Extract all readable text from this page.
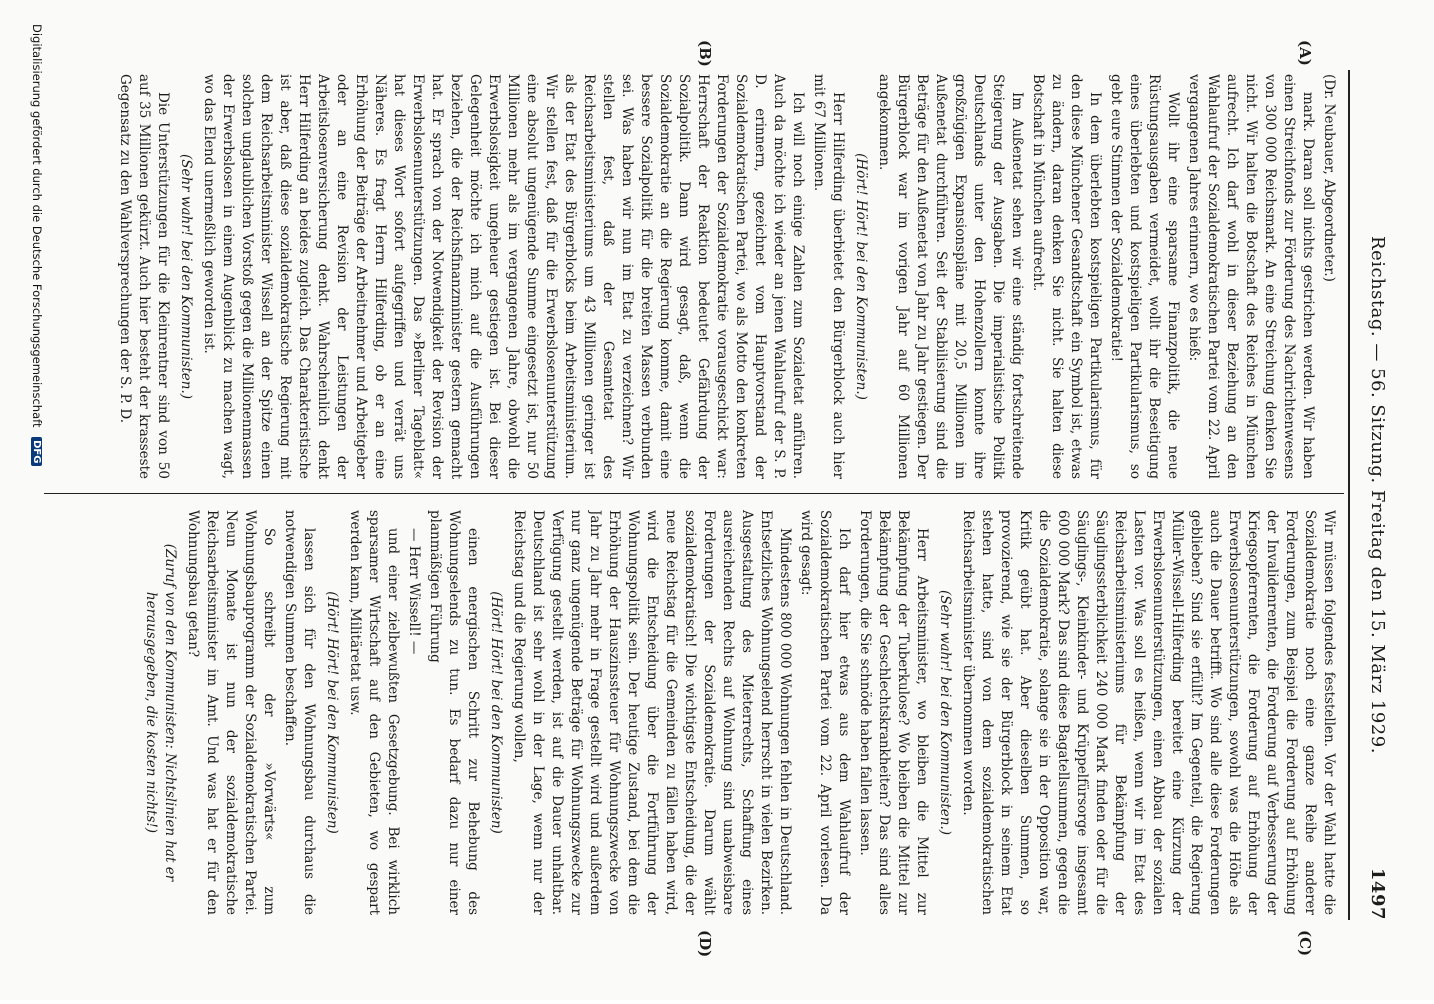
Reichstag. — 56. Sitzung. Freitag den 15. März 1929.
1497
(A)
(B)
(C)
(D)

(Dr. Neubauer, Abgeordneter.)

mark. Daran soll nichts gestrichen werden. Wir haben einen Streichfonds zur Förderung des Nachrichtenwesens von 300 000 Reichsmark. An eine Streichung denken Sie nicht. Wir halten die Botschaft des Reiches in München aufrecht. Ich darf wohl in dieser Beziehung an den Wahlaufruf der Sozialdemokratischen Partei vom 22. April vergangenen Jahres erinnern, wo es hieß:

Wollt ihr eine sparsame Finanzpolitik, die neue Rüstungsausgaben vermeidet, wollt ihr die Beseitigung eines überlebten und kostspieligen Partikularismus, so gebt eure Stimmen der Sozialdemokratie!

In dem überlebten kostspieligen Partikularismus, für den diese Münchener Gesandtschaft ein Symbol ist, etwas zu ändern, daran denken Sie nicht. Sie halten diese Botschaft in München aufrecht.

Im Außenetat sehen wir eine ständig fortschreitende Steigerung der Ausgaben. Die imperialistische Politik Deutschlands unter den Hohenzollern konnte ihre großzügigen Expansionspläne mit 20,5 Millionen im Außenetat durchführen. Seit der Stabilisierung sind die Beträge für den Außenetat von Jahr zu Jahr gestiegen. Der Bürgerblock war im vorigen Jahr auf 60 Millionen angekommen.

(Hört! Hört! bei den Kommunisten.)

Herr Hilferding überbietet den Bürgerblock auch hier mit 67 Millionen.

Ich will noch einige Zahlen zum Sozialetat anführen. Auch da möchte ich wieder an jenen Wahlaufruf der S. P. D. erinnern, gezeichnet vom Hauptvorstand der Sozialdemokratischen Partei, wo als Motto den konkreten Forderungen der Sozialdemokratie vorausgeschickt war: Herrschaft der Reaktion bedeutet Gefährdung der Sozialpolitik. Dann wird gesagt, daß, wenn die Sozialdemokratie an die Regierung komme, damit eine bessere Sozialpolitik für die breiten Massen verbunden sei. Was haben wir nun im Etat zu verzeichnen? Wir stellen fest, daß der Gesamtetat des Reichsarbeitsministeriums um 43 Millionen geringer ist als der Etat des Bürgerblocks beim Arbeitsministerium. Wir stellen fest, daß für die Erwerbslosenunterstützung eine absolut ungenügende Summe eingesetzt ist, nur 50 Millionen mehr als im vergangenen Jahre, obwohl die Erwerbslosigkeit ungeheuer gestiegen ist. Bei dieser Gelegenheit möchte ich mich auf die Ausführungen beziehen, die der Reichsfinanzminister gestern gemacht hat. Er sprach von der Notwendigkeit der Revision der Erwerbslosenunterstützungen. Das »Berliner Tageblatt« hat dieses Wort sofort aufgegriffen und verrät uns Näheres. Es fragt Herrn Hilferding, ob er an eine Erhöhung der Beiträge der Arbeitnehmer und Arbeitgeber oder an eine Revision der Leistungen der Arbeitslosenversicherung denkt. Wahrscheinlich denkt Herr Hilferding an beides zugleich. Das Charakteristische ist aber, daß diese sozialdemokratische Regierung mit dem Reichsarbeitsminister Wissell an der Spitze einen solchen unglaublichen Vorstoß gegen die Millionenmassen der Erwerbslosen in einem Augenblick zu machen wagt, wo das Elend unermeßlich geworden ist.

(Sehr wahr! bei den Kommunisten.)

Die Unterstützungen für die Kleinrentner sind von 50 auf 35 Millionen gekürzt. Auch hier besteht der krasseste Gegensatz zu den Wahlversprechungen der S. P. D.

Wir müssen folgendes feststellen. Vor der Wahl hatte die Sozialdemokratie noch eine ganze Reihe anderer Forderungen, zum Beispiel die Forderung auf Erhöhung der Invalidenrenten, die Forderung auf Verbesserung der Kriegsopferrenten, die Forderung auf Erhöhung der Erwerbslosenunterstützungen, sowohl was die Höhe als auch die Dauer betrifft. Wo sind alle diese Forderungen geblieben? Sind sie erfüllt? Im Gegenteil, die Regierung Müller-Wissell-Hilferding bereitet eine Kürzung der Erwerbslosenunterstützungen, einen Abbau der sozialen Lasten vor. Was soll es heißen, wenn wir im Etat des Reichsarbeitsministeriums für Bekämpfung der Säuglingssterblichkeit 240 000 Mark finden oder für die Säuglings-, Kleinkinder- und Krüppelfürsorge insgesamt 600 000 Mark? Das sind diese Bagatellsummen, gegen die die Sozialdemokratie, solange sie in der Opposition war, Kritik geübt hat. Aber dieselben Summen, so provozierend, wie sie der Bürgerblock in seinem Etat stehen hatte, sind von dem sozialdemokratischen Reichsarbeitsminister übernommen worden.

(Sehr wahr! bei den Kommunisten.)

Herr Arbeitsminister, wo bleiben die Mittel zur Bekämpfung der Tuberkulose? Wo bleiben die Mittel zur Bekämpfung der Geschlechtskrankheiten? Das sind alles Forderungen, die Sie schnöde haben fallen lassen.

Ich darf hier etwas aus dem Wahlaufruf der Sozialdemokratischen Partei vom 22. April vorlesen. Da wird gesagt:

Mindestens 800 000 Wohnungen fehlen in Deutschland. Entsetzliches Wohnungselend herrscht in vielen Bezirken. Ausgestaltung des Mieterrechts, Schaffung eines ausreichenden Rechts auf Wohnung sind unabweisbare Forderungen der Sozialdemokratie. Darum wählt sozialdemokratisch! Die wichtigste Entscheidung, die der neue Reichstag für die Gemeinden zu fällen haben wird, wird die Entscheidung über die Fortführung der Wohnungspolitik sein. Der heutige Zustand, bei dem die Erhöhung der Hauszinssteuer für Wohnungszwecke von Jahr zu Jahr mehr in Frage gestellt wird und außerdem nur ganz ungenügende Beträge für Wohnungszwecke zur Verfügung gestellt werden, ist auf die Dauer unhaltbar. Deutschland ist sehr wohl in der Lage, wenn nur der Reichstag und die Regierung wollen,

(Hört! Hört! bei den Kommunisten)

einen energischen Schritt zur Behebung des Wohnungselends zu tun. Es bedarf dazu nur einer planmäßigen Führung

— Herr Wissell! —

und einer zielbewußten Gesetzgebung. Bei wirklich sparsamer Wirtschaft auf den Gebieten, wo gespart werden kann, Militäretat usw.

(Hört! Hört! bei den Kommunisten)

lassen sich für den Wohnungsbau durchaus die notwendigen Summen beschaffen.

So schreibt der »Vorwärts« zum Wohnungsbauprogramm der Sozialdemokratischen Partei. Neun Monate ist nun der sozialdemokratische Reichsarbeitsminister im Amt. Und was hat er für den Wohnungsbau getan?

(Zuruf von den Kommunisten: Nichtslinien hat er herausgegeben, die kosten nichts!)

Digitalisierung gefördert durch die Deutsche Forschungsgemeinschaft DFG
